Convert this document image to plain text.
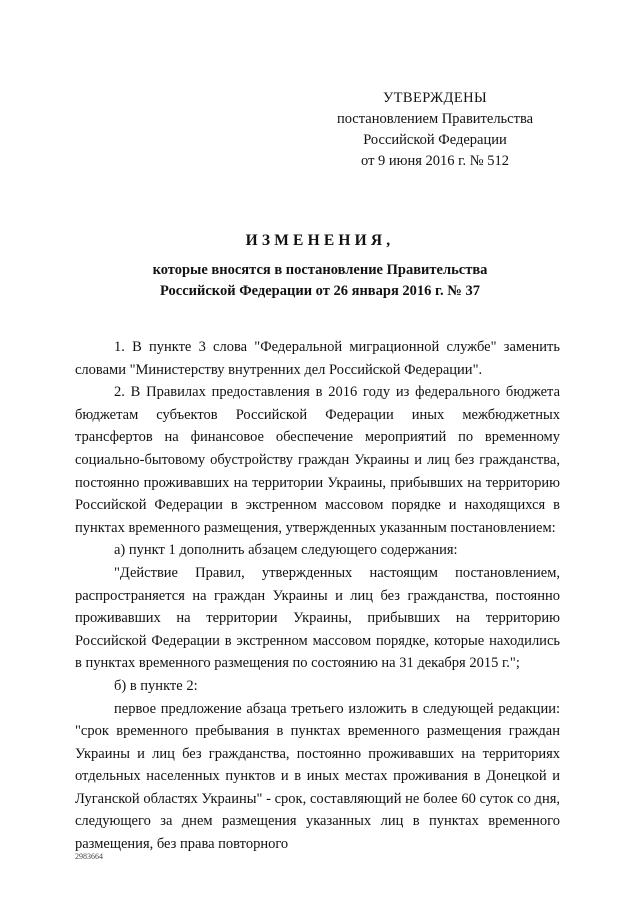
УТВЕРЖДЕНЫ
постановлением Правительства
Российской Федерации
от 9 июня 2016 г. № 512
ИЗМЕНЕНИЯ,
которые вносятся в постановление Правительства
Российской Федерации от 26 января 2016 г. № 37

1. В пункте 3 слова "Федеральной миграционной службе" заменить словами "Министерству внутренних дел Российской Федерации".

2. В Правилах предоставления в 2016 году из федерального бюджета бюджетам субъектов Российской Федерации иных межбюджетных трансфертов на финансовое обеспечение мероприятий по временному социально-бытовому обустройству граждан Украины и лиц без гражданства, постоянно проживавших на территории Украины, прибывших на территорию Российской Федерации в экстренном массовом порядке и находящихся в пунктах временного размещения, утвержденных указанным постановлением:

а) пункт 1 дополнить абзацем следующего содержания:

"Действие Правил, утвержденных настоящим постановлением, распространяется на граждан Украины и лиц без гражданства, постоянно проживавших на территории Украины, прибывших на территорию Российской Федерации в экстренном массовом порядке, которые находились в пунктах временного размещения по состоянию на 31 декабря 2015 г.";

б) в пункте 2:

первое предложение абзаца третьего изложить в следующей редакции: "срок временного пребывания в пунктах временного размещения граждан Украины и лиц без гражданства, постоянно проживавших на территориях отдельных населенных пунктов и в иных местах проживания в Донецкой и Луганской областях Украины" - срок, составляющий не более 60 суток со дня, следующего за днем размещения указанных лиц в пунктах временного размещения, без права повторного

2983664
